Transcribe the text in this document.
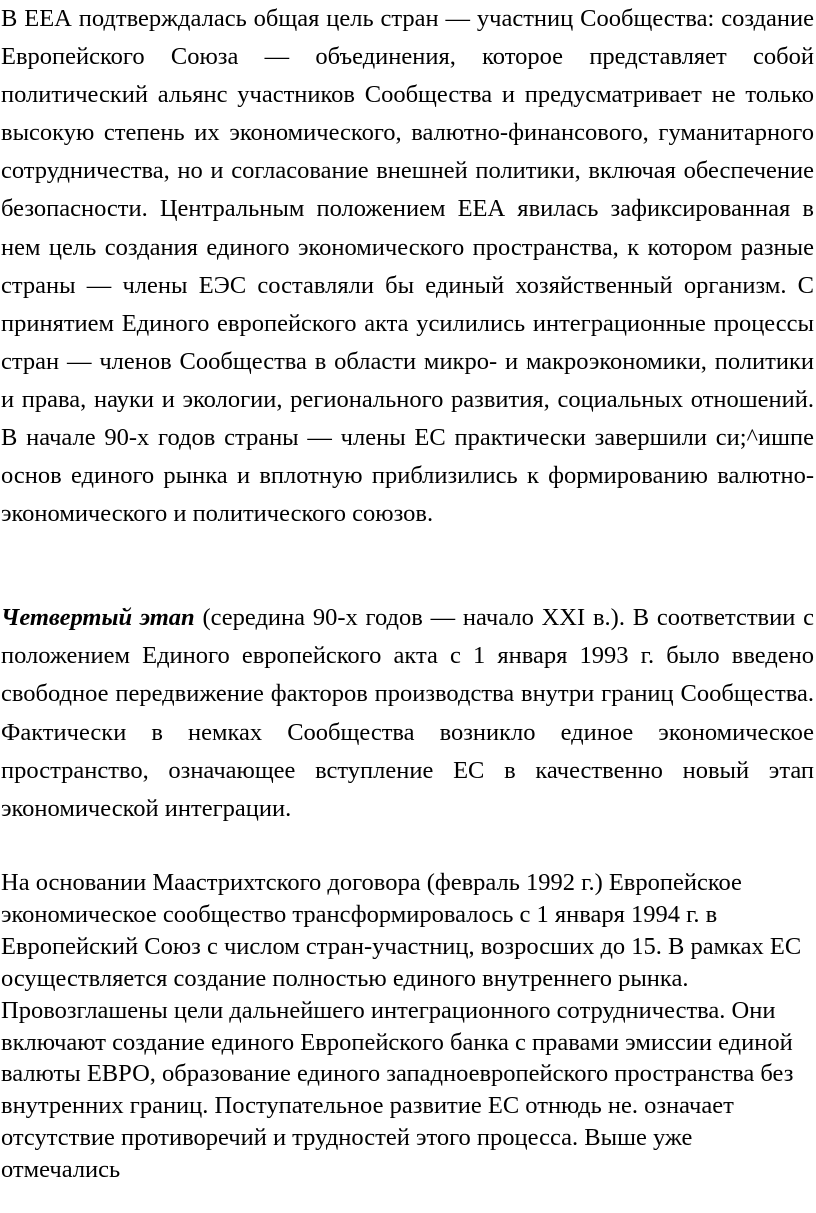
В ЕЕА подтверждалась общая цель стран — участниц Сообщества: создание Европейского Союза — объединения, которое представляет собой политический альянс участников Сообщества и предусматривает не только высокую степень их экономического, валютно-финансового, гуманитарного сотрудничества, но и согласование внешней политики, включая обеспечение безопасности. Центральным положением ЕЕА явилась зафиксированная в нем цель создания единого экономического пространства, к котором разные страны — члены ЕЭС составляли бы единый хозяйственный организм. С принятием Единого европейского акта усилились интеграционные процессы стран — членов Сообщества в области микро- и макроэкономики, политики и права, науки и экологии, регионального развития, социальных отношений. В начале 90-х годов страны — члены ЕС практически завершили си;^ишпе основ единого рынка и вплотную приблизились к формированию валютно-экономического и политического союзов.

Четвертый этап (середина 90-х годов — начало XXI в.). В соответствии с положением Единого европейского акта с 1 января 1993 г. было введено свободное передвижение факторов производства внутри границ Сообщества. Фактически в немках Сообщества возникло единое экономическое пространство, означающее вступление ЕС в качественно новый этап экономической интеграции.

На основании Маастрихтского договора (февраль 1992 г.) Европейское экономическое сообщество трансформировалось с 1 января 1994 г. в Европейский Союз с числом стран-участниц, возросших до 15. В рамках ЕС осуществляется создание полностью единого внутреннего рынка. Провозглашены цели дальнейшего интеграционного сотрудничества. Они включают создание единого Европейского банка с правами эмиссии единой валюты ЕВРО, образование единого западноевропейского пространства без внутренних границ. Поступательное развитие ЕС отнюдь не. означает отсутствие противоречий и трудностей этого процесса. Выше уже отмечались
